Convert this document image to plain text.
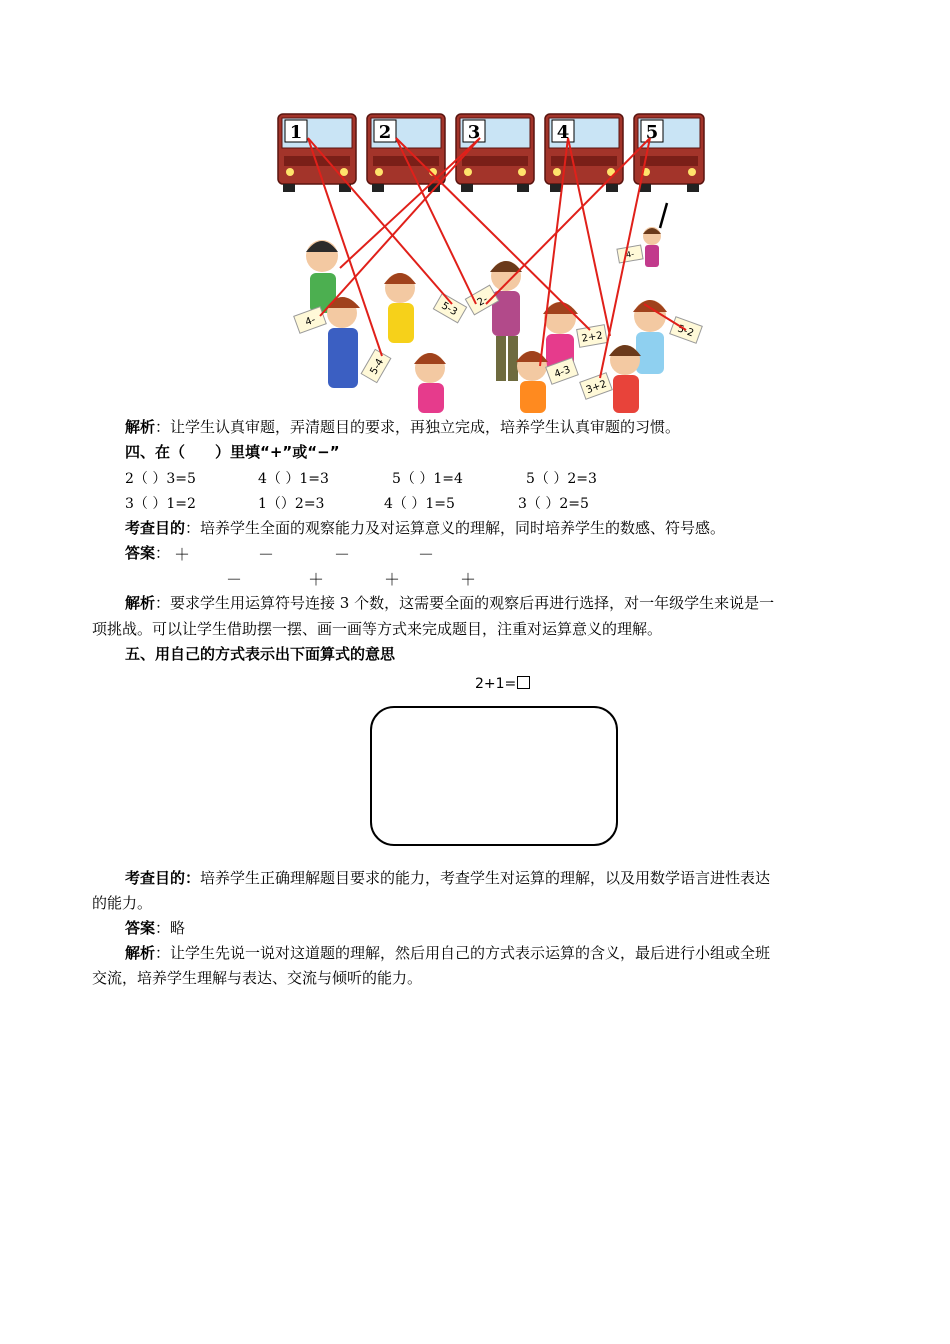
1	2	3	4	5
4-
5-4
5-3 2-
2+2
4-3
3+2
5-2
4-
解析：让学生认真审题，弄清题目的要求，再独立完成，培养学生认真审题的习惯。
四、在（　　）里填“+”或“−”
2（ ）3=5	4（ ）1=3	5（ ）1=4	5（ ）2=3
3（ ）1=2	1（）2=3	4（ ）1=5	3（ ）2=5
考查目的：培养学生全面的观察能力及对运算意义的理解，同时培养学生的数感、符号感。
答案： ＋	－	－	－
－	＋	＋	＋
解析：要求学生用运算符号连接 3 个数，这需要全面的观察后再进行选择，对一年级学生来说是一
项挑战。可以让学生借助摆一摆、画一画等方式来完成题目，注重对运算意义的理解。
五、用自己的方式表示出下面算式的意思
2+1=
考查目的：培养学生正确理解题目要求的能力，考查学生对运算的理解，以及用数学语言进性表达
的能力。
答案：略
解析：让学生先说一说对这道题的理解，然后用自己的方式表示运算的含义，最后进行小组或全班
交流，培养学生理解与表达、交流与倾听的能力。
